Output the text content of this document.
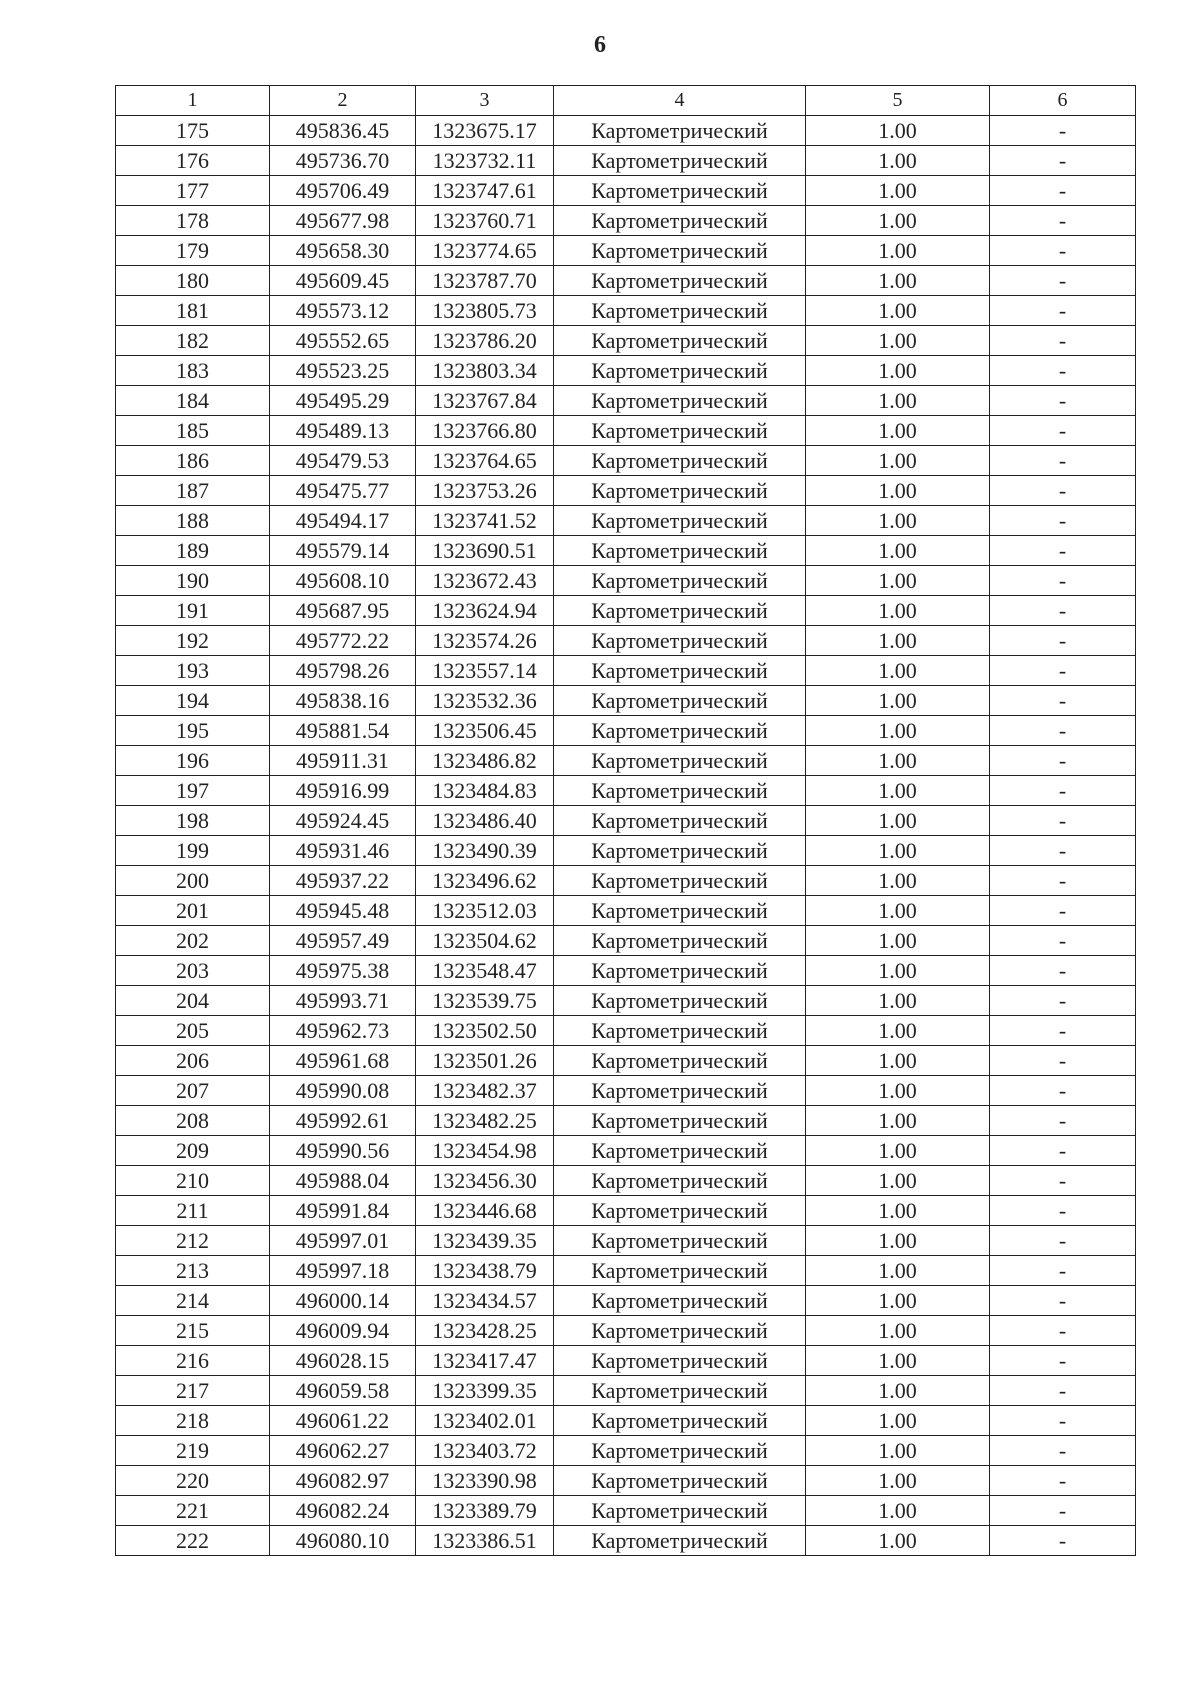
6
1	2	3	4	5	6
175	495836.45	1323675.17	Картометрический	1.00	-
176	495736.70	1323732.11	Картометрический	1.00	-
177	495706.49	1323747.61	Картометрический	1.00	-
178	495677.98	1323760.71	Картометрический	1.00	-
179	495658.30	1323774.65	Картометрический	1.00	-
180	495609.45	1323787.70	Картометрический	1.00	-
181	495573.12	1323805.73	Картометрический	1.00	-
182	495552.65	1323786.20	Картометрический	1.00	-
183	495523.25	1323803.34	Картометрический	1.00	-
184	495495.29	1323767.84	Картометрический	1.00	-
185	495489.13	1323766.80	Картометрический	1.00	-
186	495479.53	1323764.65	Картометрический	1.00	-
187	495475.77	1323753.26	Картометрический	1.00	-
188	495494.17	1323741.52	Картометрический	1.00	-
189	495579.14	1323690.51	Картометрический	1.00	-
190	495608.10	1323672.43	Картометрический	1.00	-
191	495687.95	1323624.94	Картометрический	1.00	-
192	495772.22	1323574.26	Картометрический	1.00	-
193	495798.26	1323557.14	Картометрический	1.00	-
194	495838.16	1323532.36	Картометрический	1.00	-
195	495881.54	1323506.45	Картометрический	1.00	-
196	495911.31	1323486.82	Картометрический	1.00	-
197	495916.99	1323484.83	Картометрический	1.00	-
198	495924.45	1323486.40	Картометрический	1.00	-
199	495931.46	1323490.39	Картометрический	1.00	-
200	495937.22	1323496.62	Картометрический	1.00	-
201	495945.48	1323512.03	Картометрический	1.00	-
202	495957.49	1323504.62	Картометрический	1.00	-
203	495975.38	1323548.47	Картометрический	1.00	-
204	495993.71	1323539.75	Картометрический	1.00	-
205	495962.73	1323502.50	Картометрический	1.00	-
206	495961.68	1323501.26	Картометрический	1.00	-
207	495990.08	1323482.37	Картометрический	1.00	-
208	495992.61	1323482.25	Картометрический	1.00	-
209	495990.56	1323454.98	Картометрический	1.00	-
210	495988.04	1323456.30	Картометрический	1.00	-
211	495991.84	1323446.68	Картометрический	1.00	-
212	495997.01	1323439.35	Картометрический	1.00	-
213	495997.18	1323438.79	Картометрический	1.00	-
214	496000.14	1323434.57	Картометрический	1.00	-
215	496009.94	1323428.25	Картометрический	1.00	-
216	496028.15	1323417.47	Картометрический	1.00	-
217	496059.58	1323399.35	Картометрический	1.00	-
218	496061.22	1323402.01	Картометрический	1.00	-
219	496062.27	1323403.72	Картометрический	1.00	-
220	496082.97	1323390.98	Картометрический	1.00	-
221	496082.24	1323389.79	Картометрический	1.00	-
222	496080.10	1323386.51	Картометрический	1.00	-
